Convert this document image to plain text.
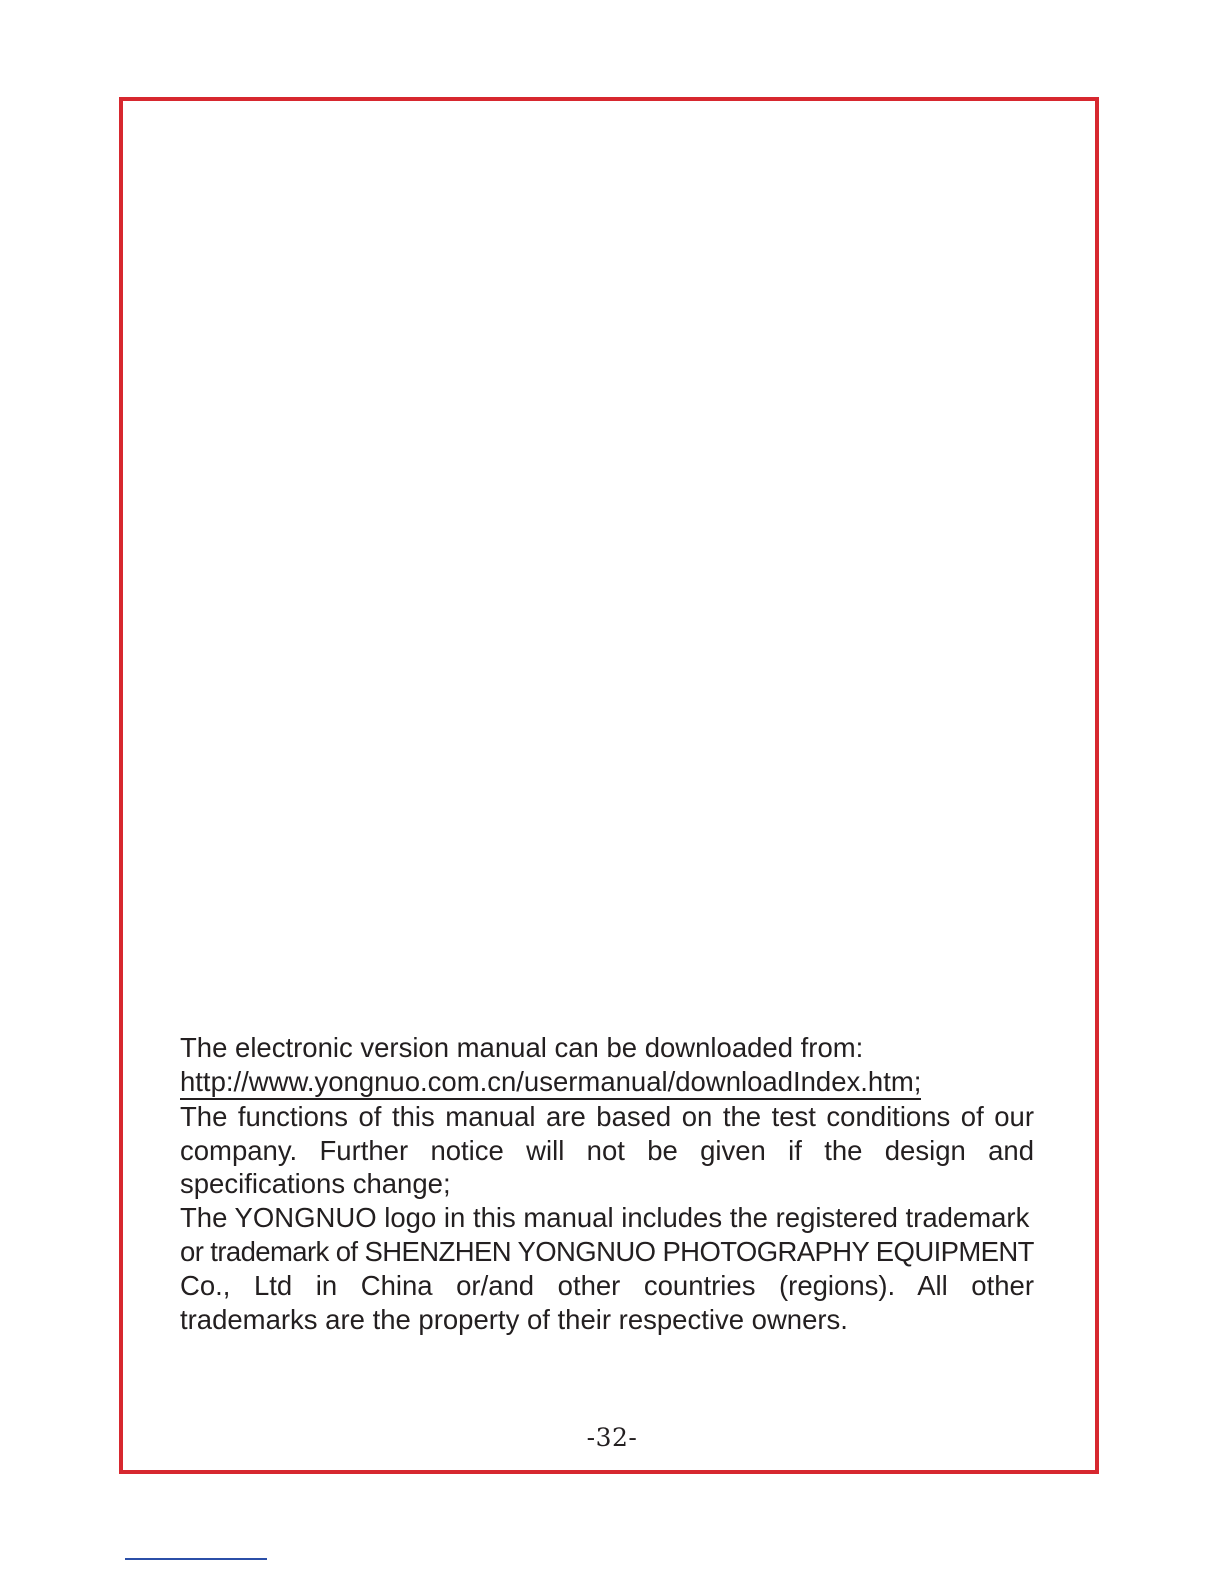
The electronic version manual can be downloaded from:

http://www.yongnuo.com.cn/usermanual/downloadIndex.htm;

The functions of this manual are based on the test conditions of our company. Further notice will not be given if the design and specifications change;

The YONGNUO logo in this manual includes the registered trademark

or trademark of SHENZHEN YONGNUO PHOTOGRAPHY EQUIPMENT

Co., Ltd in China or/and other countries (regions). All other trademarks are the property of their respective owners.

-32-
